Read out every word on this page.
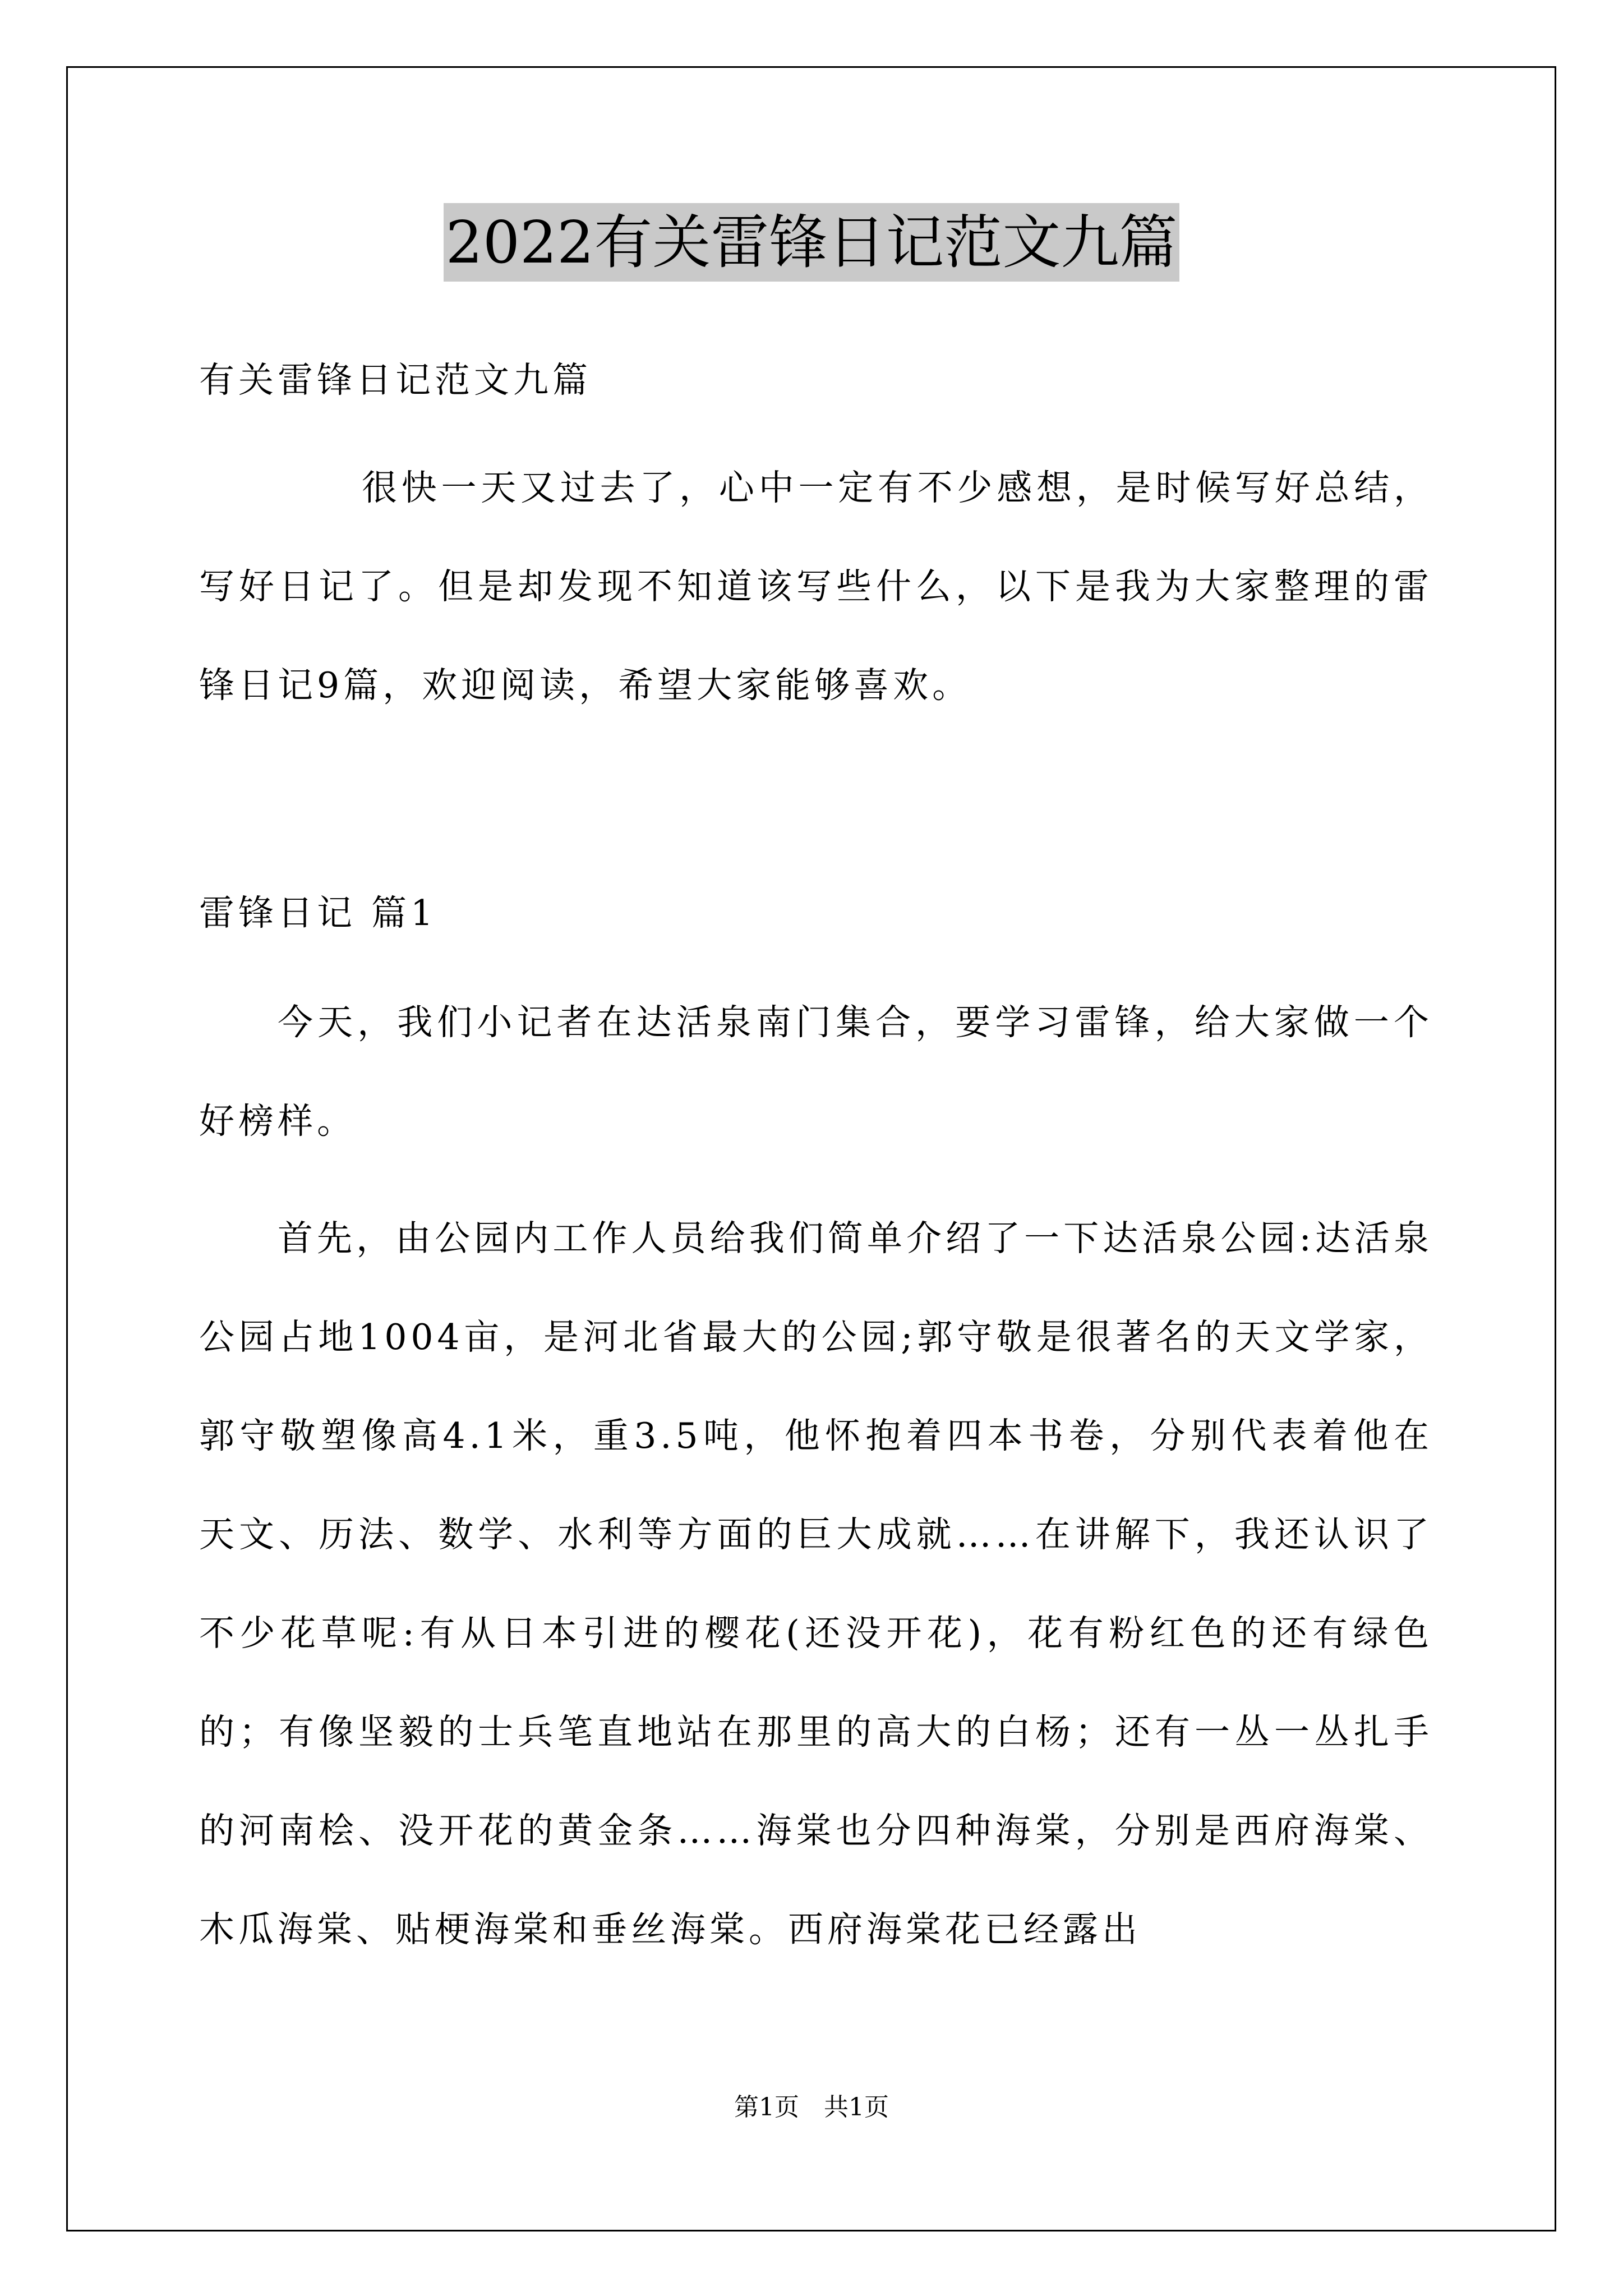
2022有关雷锋日记范文九篇

有关雷锋日记范文九篇

很快一天又过去了，心中一定有不少感想，是时候写好总结，写好日记了。但是却发现不知道该写些什么，以下是我为大家整理的雷锋日记9篇，欢迎阅读，希望大家能够喜欢。

雷锋日记 篇1

今天，我们小记者在达活泉南门集合，要学习雷锋，给大家做一个好榜样。

首先，由公园内工作人员给我们简单介绍了一下达活泉公园:达活泉公园占地1004亩，是河北省最大的公园;郭守敬是很著名的天文学家，郭守敬塑像高4.1米，重3.5吨，他怀抱着四本书卷，分别代表着他在天文、历法、数学、水利等方面的巨大成就……在讲解下，我还认识了不少花草呢:有从日本引进的樱花(还没开花)，花有粉红色的还有绿色的；有像坚毅的士兵笔直地站在那里的高大的白杨；还有一丛一丛扎手的河南桧、没开花的黄金条……海棠也分四种海棠，分别是西府海棠、木瓜海棠、贴梗海棠和垂丝海棠。西府海棠花已经露出

第1页　共1页
